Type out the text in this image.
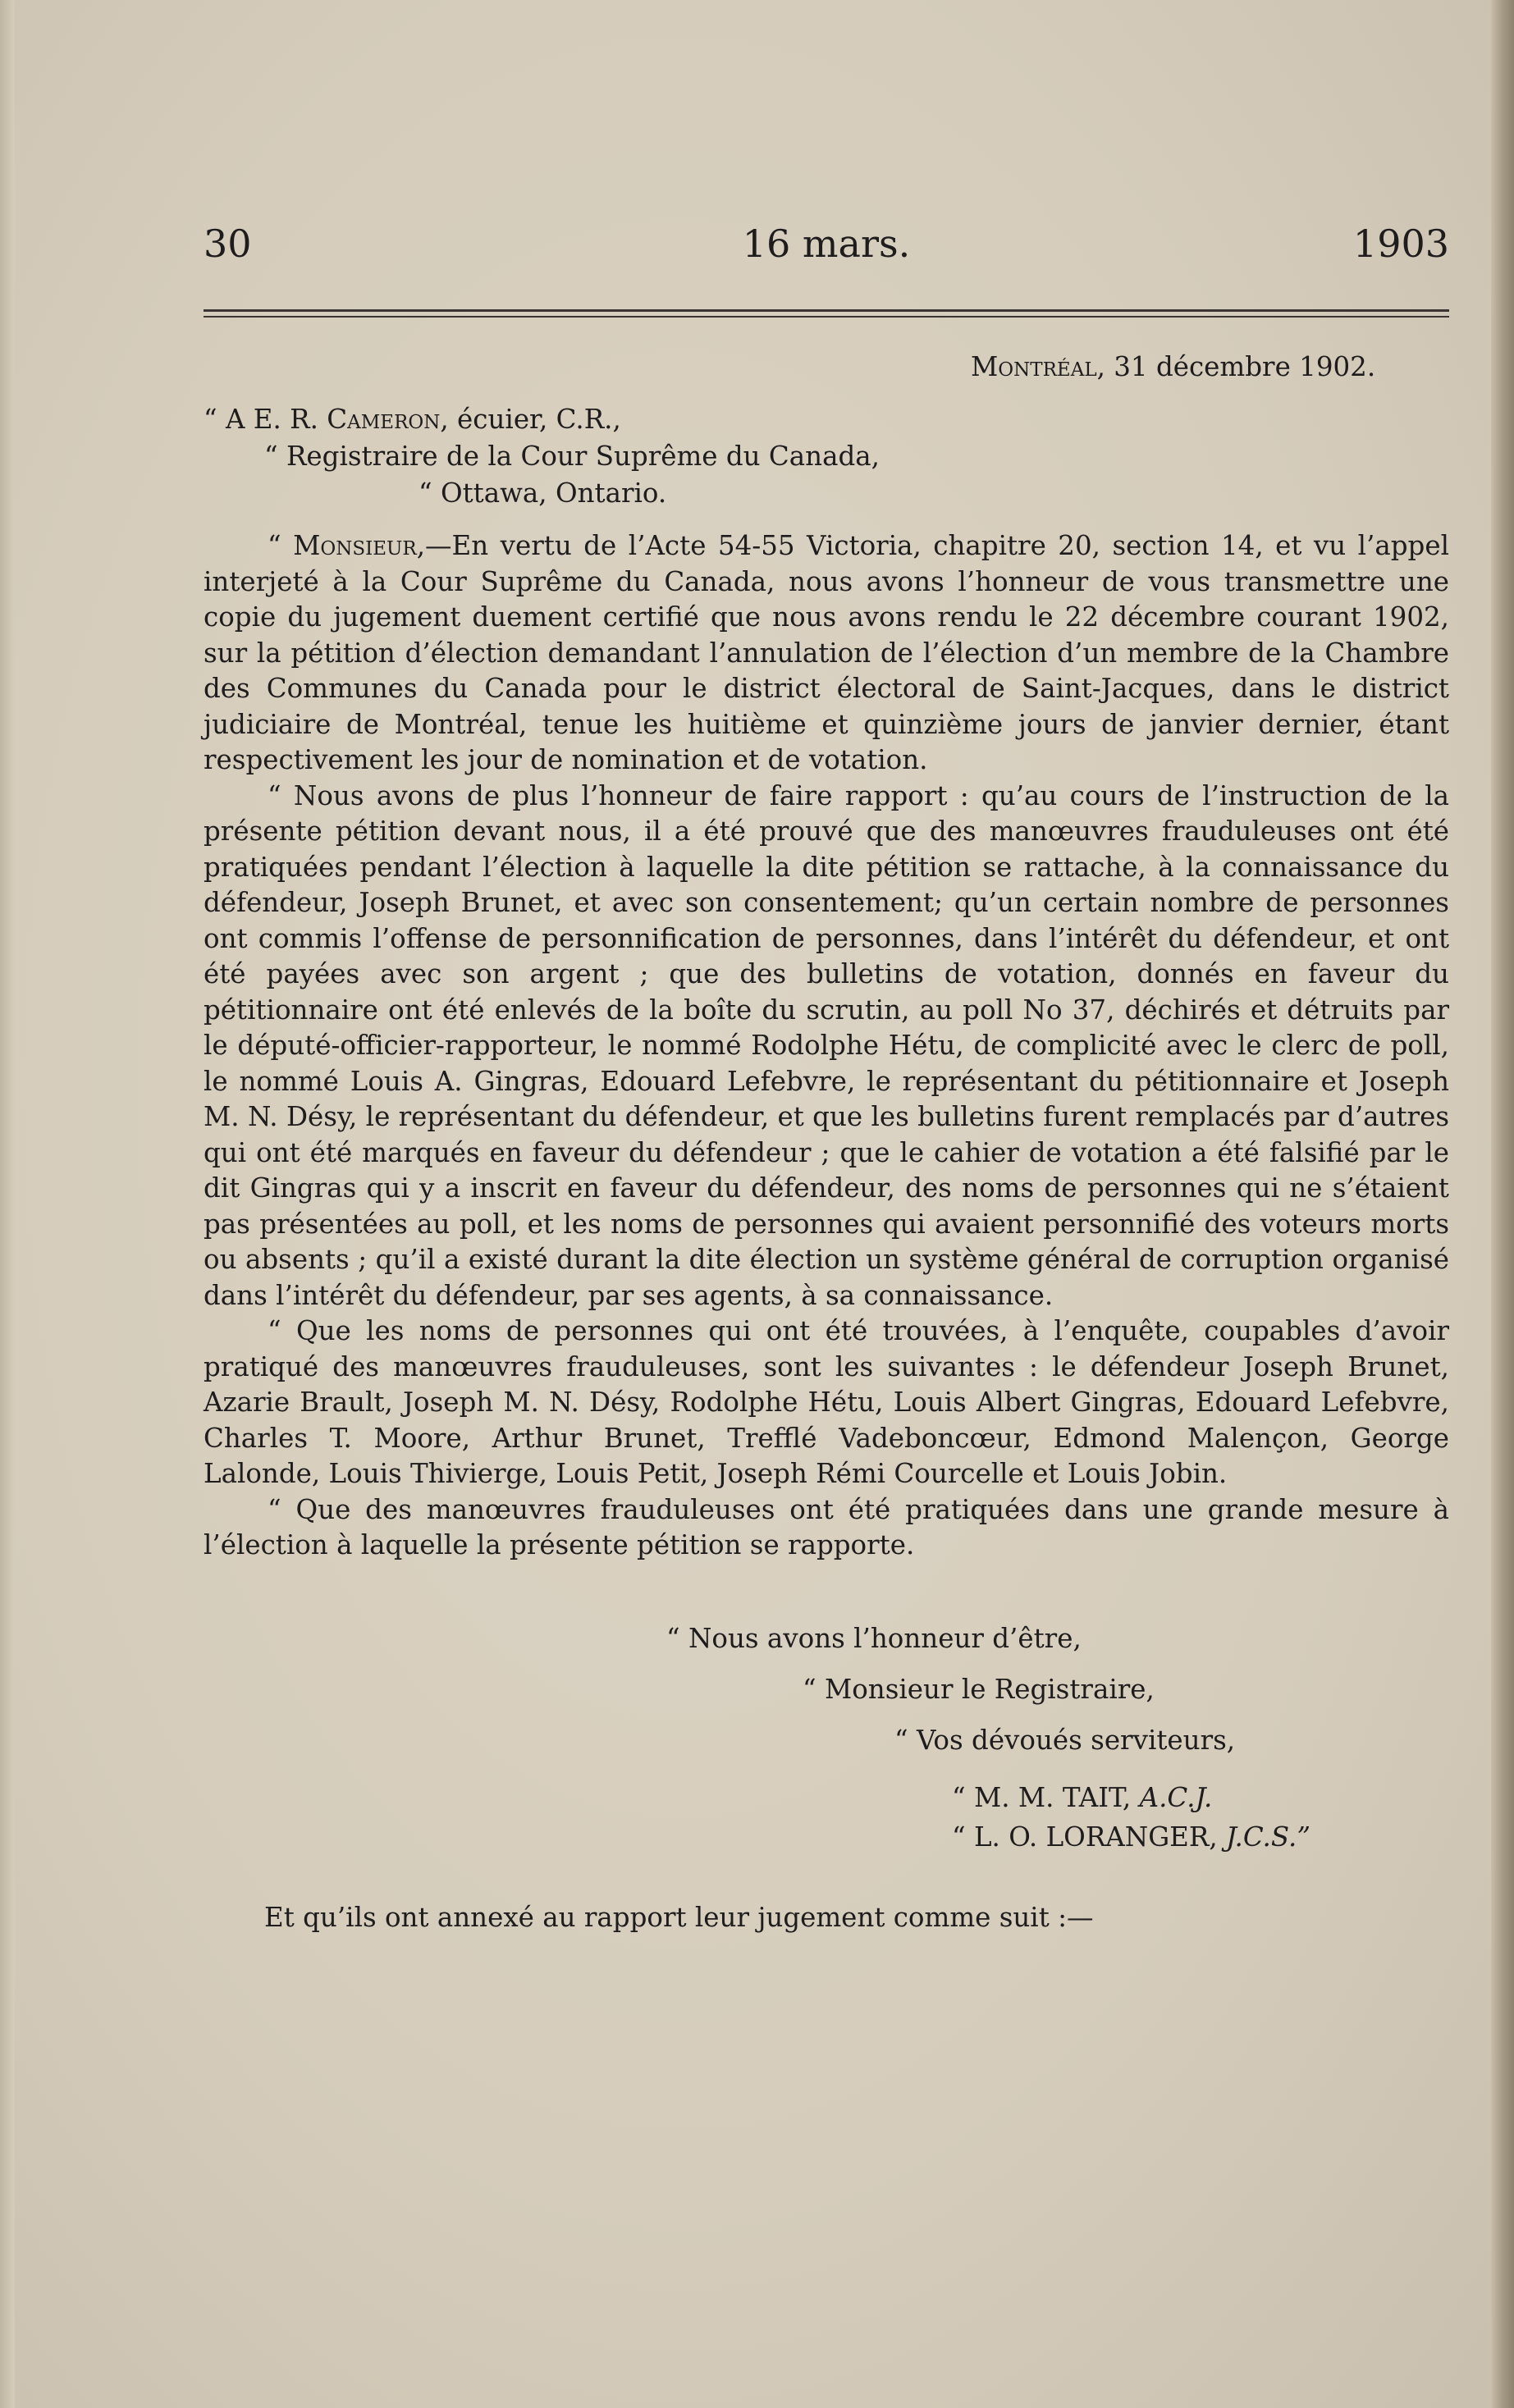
30	16 mars.	1903
Montréal, 31 décembre 1902.
“ A E. R. Cameron, écuier, C.R.,
“ Registraire de la Cour Suprême du Canada,
“ Ottawa, Ontario.

“ Monsieur,—En vertu de l’Acte 54-55 Victoria, chapitre 20, section 14, et vu l’appel interjeté à la Cour Suprême du Canada, nous avons l’honneur de vous transmettre une copie du jugement duement certifié que nous avons rendu le 22 décembre courant 1902, sur la pétition d’élection demandant l’annulation de l’élection d’un membre de la Chambre des Communes du Canada pour le district électoral de Saint-Jacques, dans le district judiciaire de Montréal, tenue les huitième et quinzième jours de janvier dernier, étant respectivement les jour de nomination et de votation.

“ Nous avons de plus l’honneur de faire rapport : qu’au cours de l’instruction de la présente pétition devant nous, il a été prouvé que des manœuvres frauduleuses ont été pratiquées pendant l’élection à laquelle la dite pétition se rattache, à la connaissance du défendeur, Joseph Brunet, et avec son consentement; qu’un certain nombre de personnes ont commis l’offense de personnification de personnes, dans l’intérêt du défendeur, et ont été payées avec son argent ; que des bulletins de votation, donnés en faveur du pétitionnaire ont été enlevés de la boîte du scrutin, au poll No 37, déchirés et détruits par le député-officier-rapporteur, le nommé Rodolphe Hétu, de complicité avec le clerc de poll, le nommé Louis A. Gingras, Edouard Lefebvre, le représentant du pétitionnaire et Joseph M. N. Désy, le représentant du défendeur, et que les bulletins furent remplacés par d’autres qui ont été marqués en faveur du défendeur ; que le cahier de votation a été falsifié par le dit Gingras qui y a inscrit en faveur du défendeur, des noms de personnes qui ne s’étaient pas présentées au poll, et les noms de personnes qui avaient personnifié des voteurs morts ou absents ; qu’il a existé durant la dite élection un système général de corruption organisé dans l’intérêt du défendeur, par ses agents, à sa connaissance.

“ Que les noms de personnes qui ont été trouvées, à l’enquête, coupables d’avoir pratiqué des manœuvres frauduleuses, sont les suivantes : le défendeur Joseph Brunet, Azarie Brault, Joseph M. N. Désy, Rodolphe Hétu, Louis Albert Gingras, Edouard Lefebvre, Charles T. Moore, Arthur Brunet, Trefflé Vadeboncœur, Edmond Malençon, George Lalonde, Louis Thivierge, Louis Petit, Joseph Rémi Courcelle et Louis Jobin.

“ Que des manœuvres frauduleuses ont été pratiquées dans une grande mesure à l’élection à laquelle la présente pétition se rapporte.

“ Nous avons l’honneur d’être,
“ Monsieur le Registraire,
“ Vos dévoués serviteurs,
“ M. M. TAIT, A.C.J.
“ L. O. LORANGER, J.C.S.”
Et qu’ils ont annexé au rapport leur jugement comme suit :—
